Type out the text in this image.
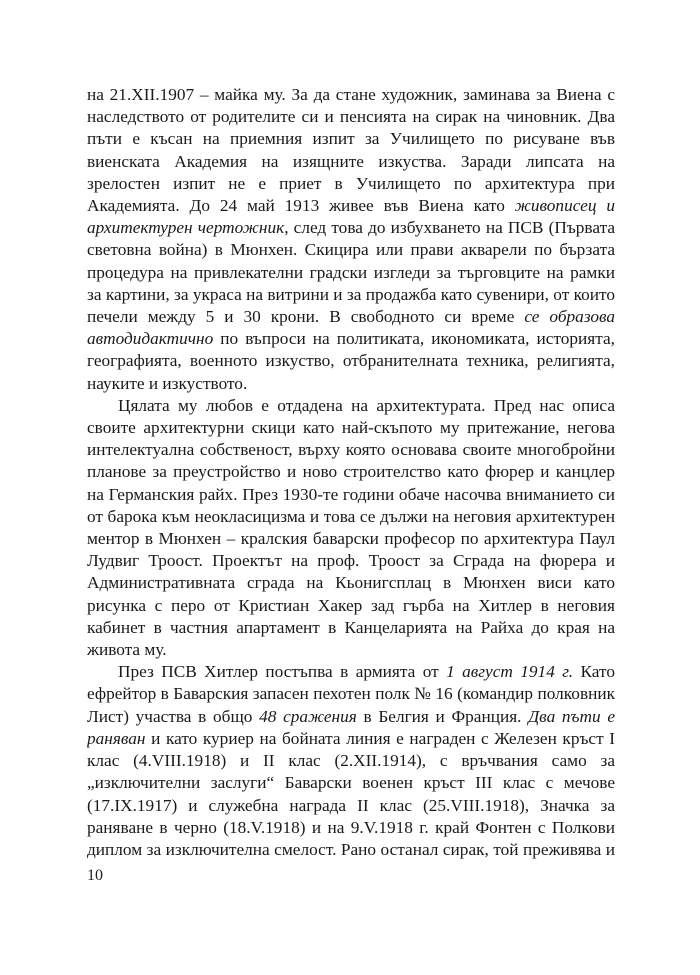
на 21.XII.1907 – майка му. За да стане художник, заминава за Виена с наследството от родителите си и пенсията на сирак на чиновник. Два пъти е късан на приемния изпит за Училището по рисуване във виенската Академия на изящните изкуства. Заради липсата на зрелостен изпит не е приет в Училището по архитектура при Академията. До 24 май 1913 живее във Виена като живописец и архитектурен чертожник, след това до избухването на ПСВ (Първата световна война) в Мюнхен. Скицира или прави акварели по бързата процедура на привлекателни градски изгледи за търговците на рамки за картини, за украса на витрини и за продажба като сувенири, от които печели между 5 и 30 крони. В свободното си време се образова автодидактично по въпроси на политиката, икономиката, историята, географията, военното изкуство, отбранителната техника, религията, науките и изкуството.

Цялата му любов е отдадена на архитектурата. Пред нас описа своите архитектурни скици като най-скъпото му притежание, негова интелектуална собственост, върху която основава своите многобройни планове за преустройство и ново строителство като фюрер и канцлер на Германския райх. През 1930-те години обаче насочва вниманието си от барока към неокласицизма и това се дължи на неговия архитектурен ментор в Мюнхен – кралския баварски професор по архитектура Паул Лудвиг Троост. Проектът на проф. Троост за Сграда на фюрера и Административната сграда на Кьонигсплац в Мюнхен виси като рисунка с перо от Кристиан Хакер зад гърба на Хитлер в неговия кабинет в частния апартамент в Канцеларията на Райха до края на живота му.

През ПСВ Хитлер постъпва в армията от 1 август 1914 г. Като ефрейтор в Баварския запасен пехотен полк № 16 (командир полковник Лист) участва в общо 48 сражения в Белгия и Франция. Два пъти е раняван и като куриер на бойната линия е награден с Железен кръст I клас (4.VIII.1918) и II клас (2.XII.1914), с връчвания само за „изключителни заслуги“ Баварски военен кръст III клас с мечове (17.IX.1917) и служебна награда II клас (25.VIII.1918), Значка за раняване в черно (18.V.1918) и на 9.V.1918 г. край Фонтен с Полкови диплом за изключителна смелост. Рано останал сирак, той преживява и

10
